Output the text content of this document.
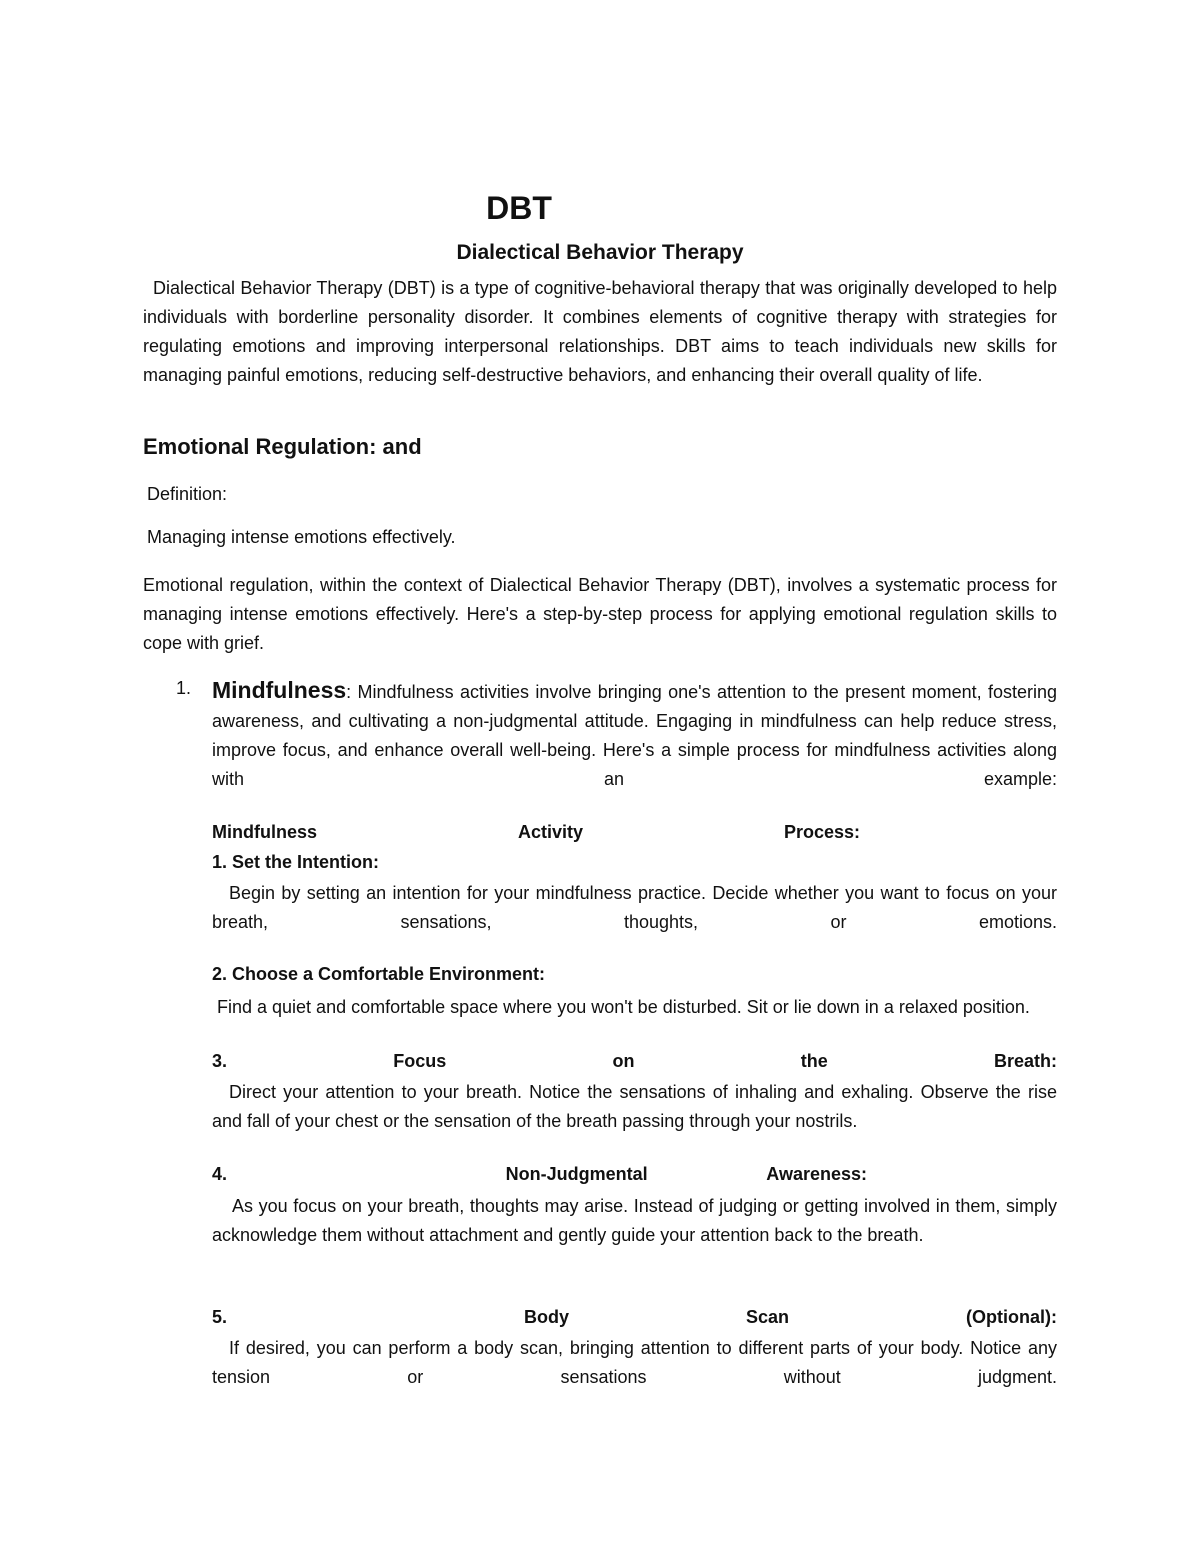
DBT
Dialectical Behavior Therapy

Dialectical Behavior Therapy (DBT) is a type of cognitive-behavioral therapy that was originally developed to help individuals with borderline personality disorder. It combines elements of cognitive therapy with strategies for regulating emotions and improving interpersonal relationships. DBT aims to teach individuals new skills for managing painful emotions, reducing self-destructive behaviors, and enhancing their overall quality of life.

Emotional Regulation: and

Definition:

Managing intense emotions effectively.

Emotional regulation, within the context of Dialectical Behavior Therapy (DBT), involves a systematic process for managing intense emotions effectively. Here's a step-by-step process for applying emotional regulation skills to cope with grief.

1. Mindfulness: Mindfulness activities involve bringing one's attention to the present moment, fostering awareness, and cultivating a non-judgmental attitude. Engaging in mindfulness can help reduce stress, improve focus, and enhance overall well-being. Here's a simple process for mindfulness activities along with an example:

Mindfulness	Activity	Process:

1. Set the Intention:

Begin by setting an intention for your mindfulness practice. Decide whether you want to focus on your breath, sensations, thoughts, or emotions.

2. Choose a Comfortable Environment:

Find a quiet and comfortable space where you won't be disturbed. Sit or lie down in a relaxed position.

3.	Focus	on	the	Breath:

Direct your attention to your breath. Notice the sensations of inhaling and exhaling. Observe the rise and fall of your chest or the sensation of the breath passing through your nostrils.

4.	Non-Judgmental	Awareness:

As you focus on your breath, thoughts may arise. Instead of judging or getting involved in them, simply acknowledge them without attachment and gently guide your attention back to the breath.

5.	Body	Scan	(Optional):

If desired, you can perform a body scan, bringing attention to different parts of your body. Notice any tension or sensations without judgment.
